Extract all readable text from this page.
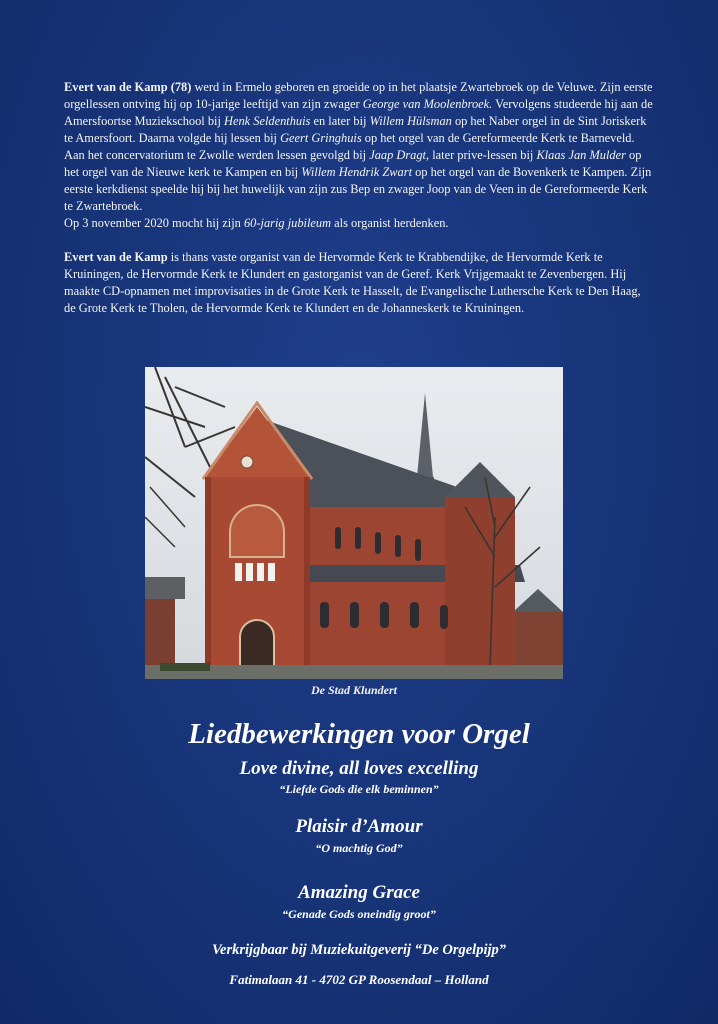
Evert van de Kamp (78) werd in Ermelo geboren en groeide op in het plaatsje Zwartebroek op de Veluwe. Zijn eerste orgellessen ontving hij op 10-jarige leeftijd van zijn zwager George van Moolenbroek. Vervolgens studeerde hij aan de Amersfoortse Muziekschool bij Henk Seldenthuis en later bij Willem Hülsman op het Naber orgel in de Sint Joriskerk te Amersfoort. Daarna volgde hij lessen bij Geert Gringhuis op het orgel van de Gereformeerde Kerk te Barneveld. Aan het concervatorium te Zwolle werden lessen gevolgd bij Jaap Dragt, later prive-lessen bij Klaas Jan Mulder op het orgel van de Nieuwe kerk te Kampen en bij Willem Hendrik Zwart op het orgel van de Bovenkerk te Kampen. Zijn eerste kerkdienst speelde hij bij het huwelijk van zijn zus Bep en zwager Joop van de Veen in de Gereformeerde Kerk te Zwartebroek.
Op 3 november 2020 mocht hij zijn 60-jarig jubileum als organist herdenken.

Evert van de Kamp is thans vaste organist van de Hervormde Kerk te Krabbendijke, de Hervormde Kerk te Kruiningen, de Hervormde Kerk te Klundert en gastorganist van de Geref. Kerk Vrijgemaakt te Zevenbergen. Hij maakte CD-opnamen met improvisaties in de Grote Kerk te Hasselt, de Evangelische Luthersche Kerk te Den Haag, de Grote Kerk te Tholen, de Hervormde Kerk te Klundert en de Johanneskerk te Kruiningen.

De Stad Klundert
Liedbewerkingen voor Orgel
Love divine, all loves excelling
“Liefde Gods die elk beminnen”
Plaisir d’Amour
“O machtig God”
Amazing Grace
“Genade Gods oneindig groot”
Verkrijgbaar bij Muziekuitgeverij “De Orgelpijp”
Fatimalaan 41 - 4702 GP Roosendaal – Holland
